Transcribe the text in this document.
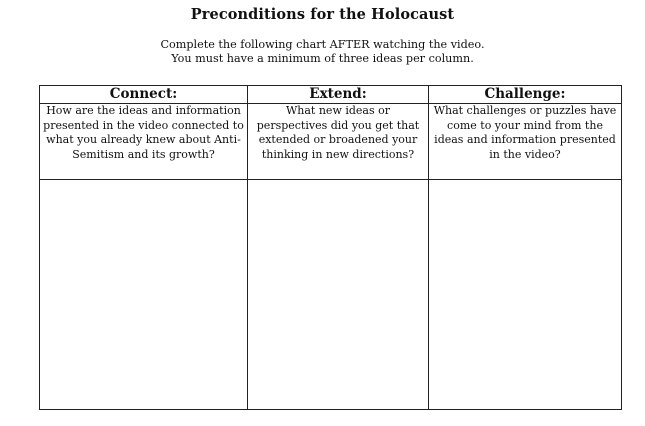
Preconditions for the Holocaust
Complete the following chart AFTER watching the video.
You must have a minimum of three ideas per column.
Connect:	Extend:	Challenge:
How are the ideas and information presented in the video connected to what you already knew about Anti-Semitism and its growth?
What new ideas or perspectives did you get that extended or broadened your thinking in new directions?
What challenges or puzzles have come to your mind from the ideas and information presented in the video?
